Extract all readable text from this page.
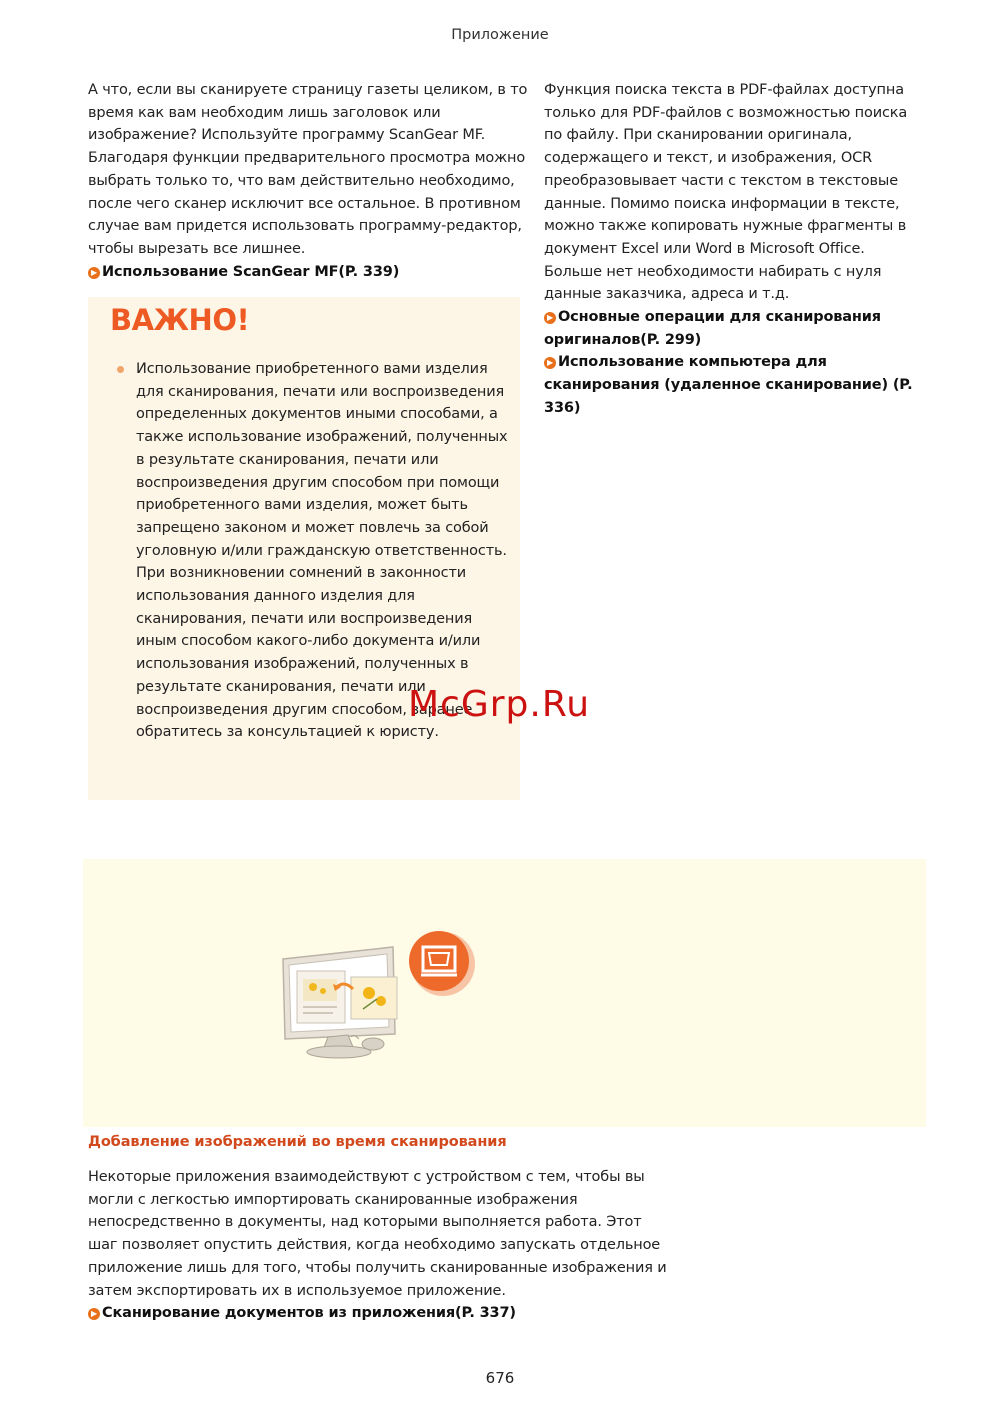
Приложение

А что, если вы сканируете страницу газеты целиком, в то время как вам необходим лишь заголовок или изображение? Используйте программу ScanGear MF. Благодаря функции предварительного просмотра можно выбрать только то, что вам действительно необходимо, после чего сканер исключит все остальное. В противном случае вам придется использовать программу-редактор, чтобы вырезать все лишнее.

▶ Использование ScanGear MF(P. 339)
ВАЖНО!
Использование приобретенного вами изделия для сканирования, печати или воспроизведения определенных документов иными способами, а также использование изображений, полученных в результате сканирования, печати или воспроизведения другим способом при помощи приобретенного вами изделия, может быть запрещено законом и может повлечь за собой уголовную и/или гражданскую ответственность. При возникновении сомнений в законности использования данного изделия для сканирования, печати или воспроизведения иным способом какого-либо документа и/или использования изображений, полученных в результате сканирования, печати или воспроизведения другим способом, заранее обратитесь за консультацией к юристу.

Функция поиска текста в PDF-файлах доступна только для PDF-файлов с возможностью поиска по файлу. При сканировании оригинала, содержащего и текст, и изображения, OCR преобразовывает части с текстом в текстовые данные. Помимо поиска информации в тексте, можно также копировать нужные фрагменты в документ Excel или Word в Microsoft Office. Больше нет необходимости набирать с нуля данные заказчика, адреса и т.д.

▶ Основные операции для сканирования оригиналов(P. 299)
▶ Использование компьютера для сканирования (удаленное сканирование) (P. 336)
McGrp.Ru
Добавление изображений во время сканирования

Некоторые приложения взаимодействуют с устройством с тем, чтобы вы могли с легкостью импортировать сканированные изображения непосредственно в документы, над которыми выполняется работа. Этот шаг позволяет опустить действия, когда необходимо запускать отдельное приложение лишь для того, чтобы получить сканированные изображения и затем экспортировать их в используемое приложение.

▶ Сканирование документов из приложения(P. 337)
676
